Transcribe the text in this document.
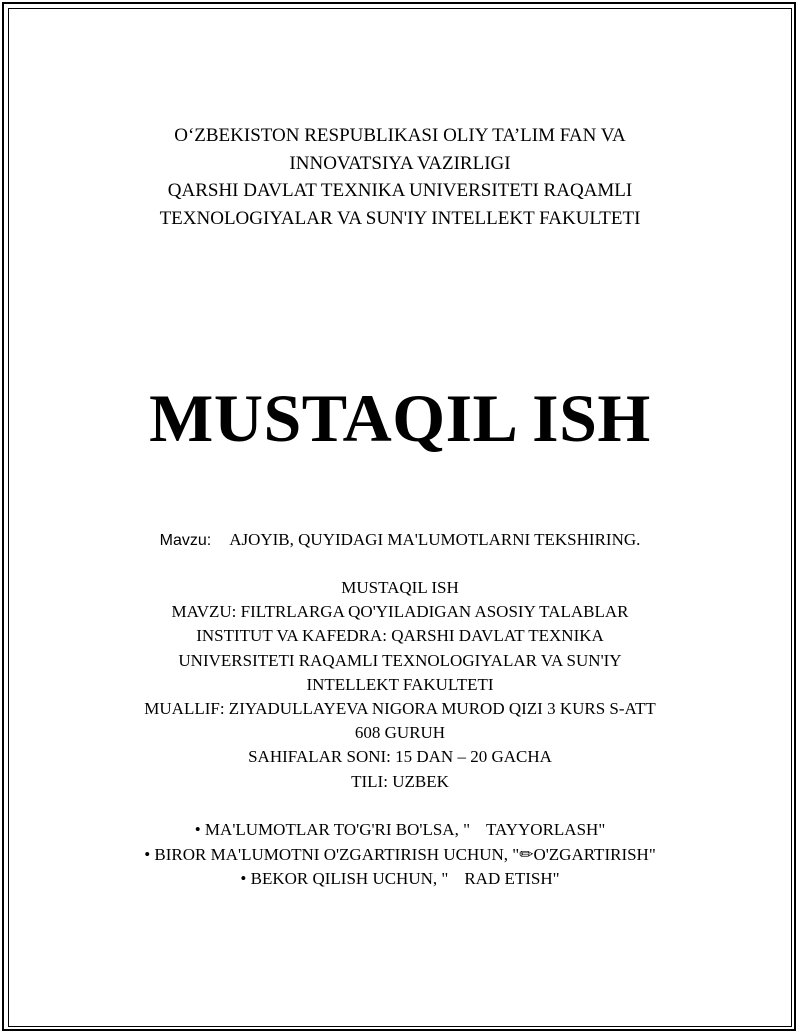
O‘ZBEKISTON RESPUBLIKASI OLIY TA’LIM FAN VA
INNOVATSIYA VAZIRLIGI
QARSHI DAVLAT TEXNIKA UNIVERSITETI RAQAMLI
TEXNOLOGIYALAR VA SUN'IY INTELLEKT FAKULTETI
MUSTAQIL ISH
Mavzu: AJOYIB, QUYIDAGI MA'LUMOTLARNI TEKSHIRING.
MUSTAQIL ISH
MAVZU: FILTRLARGA QO'YILADIGAN ASOSIY TALABLAR
INSTITUT VA KAFEDRA: QARSHI DAVLAT TEXNIKA
UNIVERSITETI RAQAMLI TEXNOLOGIYALAR VA SUN'IY
INTELLEKT FAKULTETI
MUALLIF: ZIYADULLAYEVA NIGORA MUROD QIZI 3 KURS S-ATT
608 GURUH
SAHIFALAR SONI: 15 DAN – 20 GACHA
TILI: UZBEK
• MA'LUMOTLAR TO'G'RI BO'LSA, " TAYYORLASH"
• BIROR MA'LUMOTNI O'ZGARTIRISH UCHUN, "✏O'ZGARTIRISH"
• BEKOR QILISH UCHUN, " RAD ETISH"
